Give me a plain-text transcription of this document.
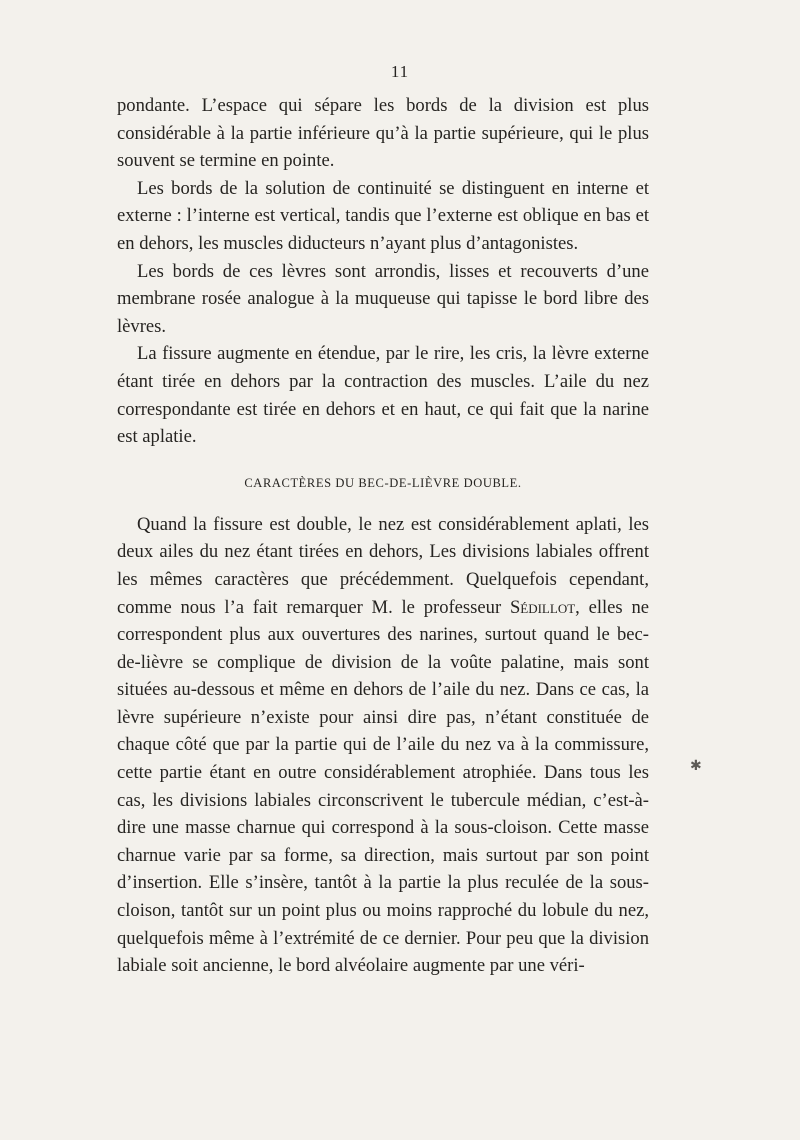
11

pondante. L’espace qui sépare les bords de la division est plus considérable à la partie inférieure qu’à la partie supérieure, qui le plus souvent se termine en pointe.

Les bords de la solution de continuité se distinguent en interne et externe : l’interne est vertical, tandis que l’externe est oblique en bas et en dehors, les muscles diducteurs n’ayant plus d’antagonistes.

Les bords de ces lèvres sont arrondis, lisses et recouverts d’une membrane rosée analogue à la muqueuse qui tapisse le bord libre des lèvres.

La fissure augmente en étendue, par le rire, les cris, la lèvre externe étant tirée en dehors par la contraction des muscles. L’aile du nez correspondante est tirée en dehors et en haut, ce qui fait que la narine est aplatie.

CARACTÈRES DU BEC-DE-LIÈVRE DOUBLE.

Quand la fissure est double, le nez est considérablement aplati, les deux ailes du nez étant tirées en dehors, Les divisions labiales offrent les mêmes caractères que précédemment. Quelquefois cependant, comme nous l’a fait remarquer M. le professeur Sédillot, elles ne correspondent plus aux ouvertures des narines, surtout quand le bec-de-lièvre se complique de division de la voûte palatine, mais sont situées au-dessous et même en dehors de l’aile du nez. Dans ce cas, la lèvre supérieure n’existe pour ainsi dire pas, n’étant constituée de chaque côté que par la partie qui de l’aile du nez va à la commissure, cette partie étant en outre considérablement atrophiée. Dans tous les cas, les divisions labiales circonscrivent le tubercule médian, c’est-à-dire une masse charnue qui correspond à la sous-cloison. Cette masse charnue varie par sa forme, sa direction, mais surtout par son point d’insertion. Elle s’insère, tantôt à la partie la plus reculée de la sous-cloison, tantôt sur un point plus ou moins rapproché du lobule du nez, quelquefois même à l’extrémité de ce dernier. Pour peu que la division labiale soit ancienne, le bord alvéolaire augmente par une véri-

✱
